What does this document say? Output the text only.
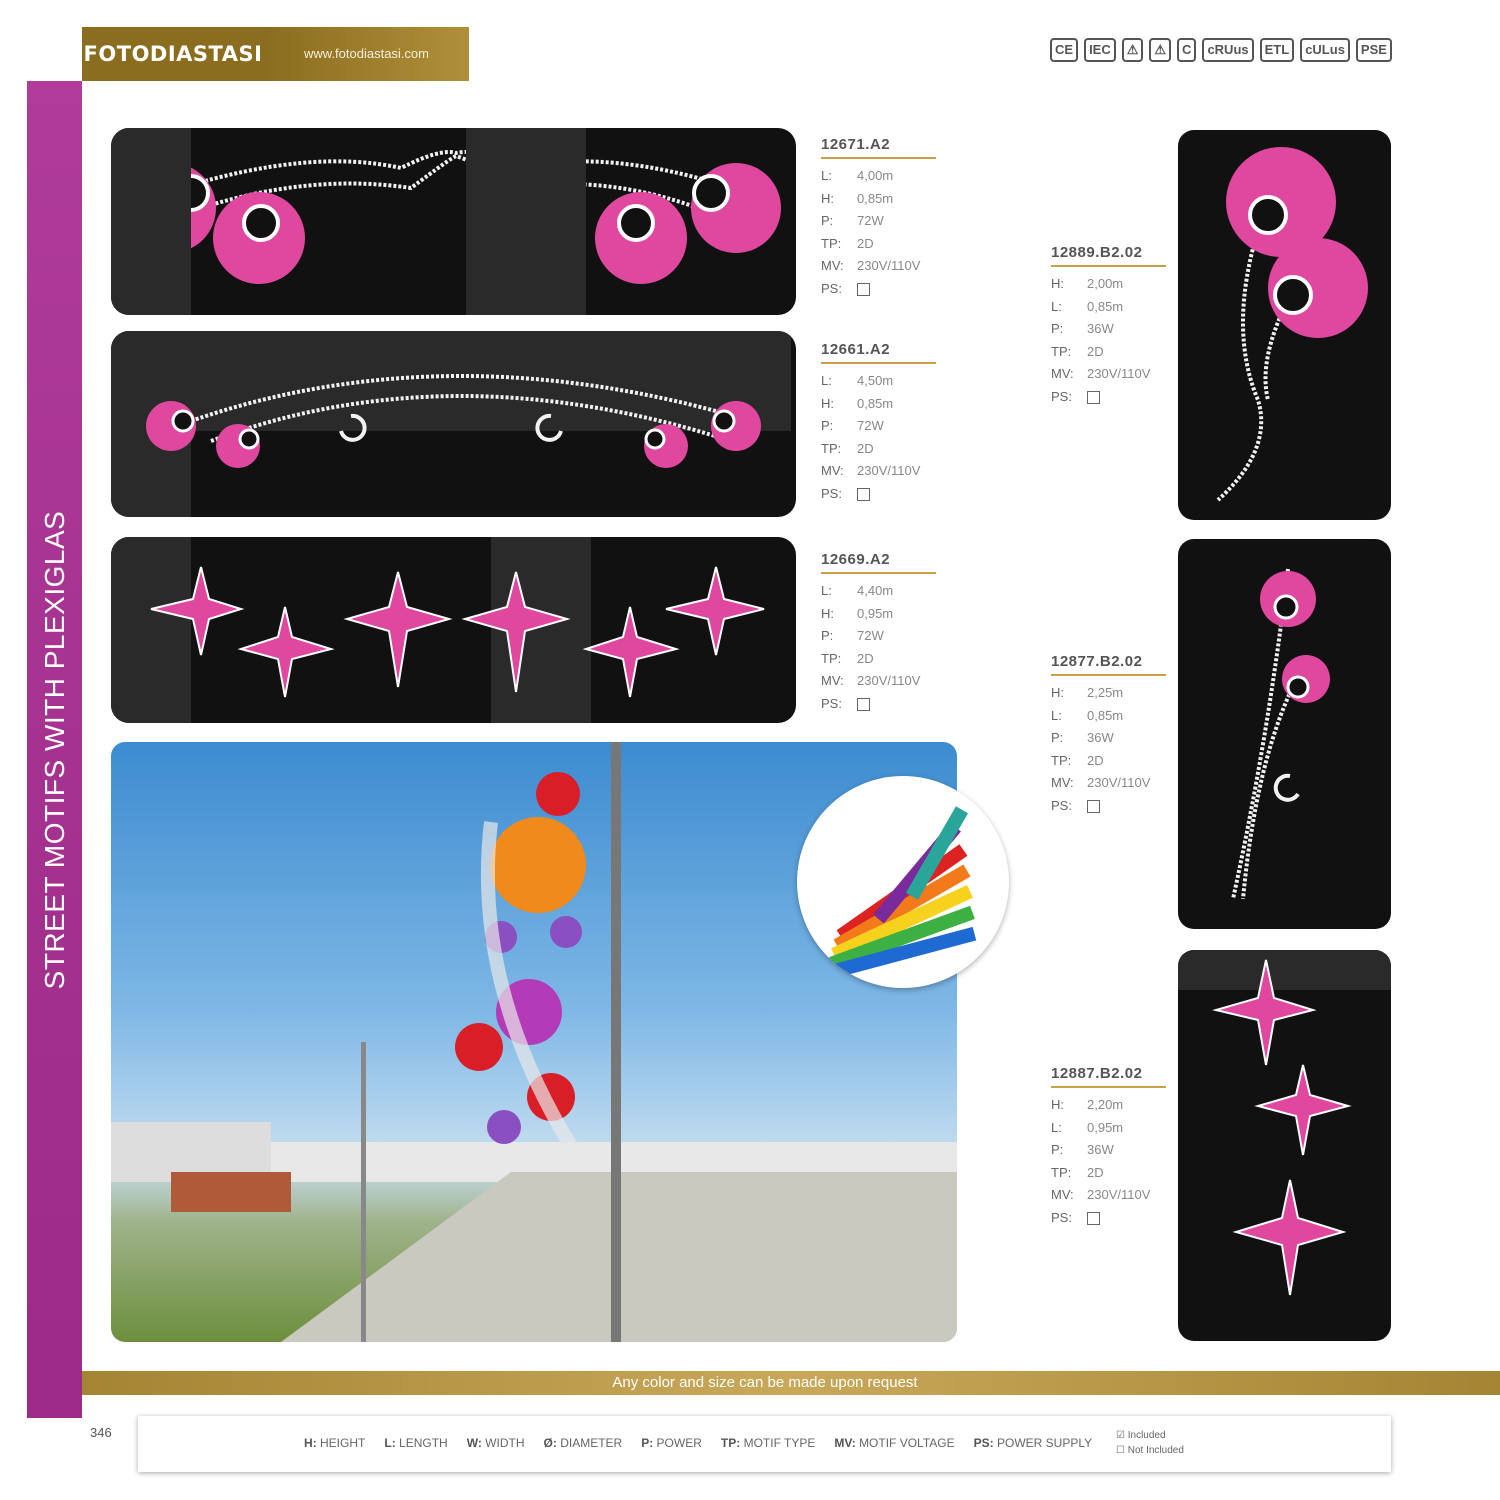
FOTODIASTASI	www.fotodiastasi.com	CE	IEC	⚠	⚠	C	cRUus	ETL	cULus	PSE
STREET MOTIFS WITH PLEXIGLAS
12671.A2
L:	4,00m
H:	0,85m
P:	72W
TP:	2D
MV:	230V/110V
PS:
12661.A2
L:	4,50m
H:	0,85m
P:	72W
TP:	2D
MV:	230V/110V
PS:
12669.A2
L:	4,40m
H:	0,95m
P:	72W
TP:	2D
MV:	230V/110V
PS:
12889.B2.02
H:	2,00m
L:	0,85m
P:	36W
TP:	2D
MV:	230V/110V
PS:
12877.B2.02
H:	2,25m
L:	0,85m
P:	36W
TP:	2D
MV:	230V/110V
PS:
12887.B2.02
H:	2,20m
L:	0,95m
P:	36W
TP:	2D
MV:	230V/110V
PS:
Any color and size can be made upon request
346
H: HEIGHT L: LENGTH W: WIDTH Ø: DIAMETER P: POWER TP: MOTIF TYPE MV: MOTIF VOLTAGE PS: POWER SUPPLY
☑ Included
☐ Not Included
